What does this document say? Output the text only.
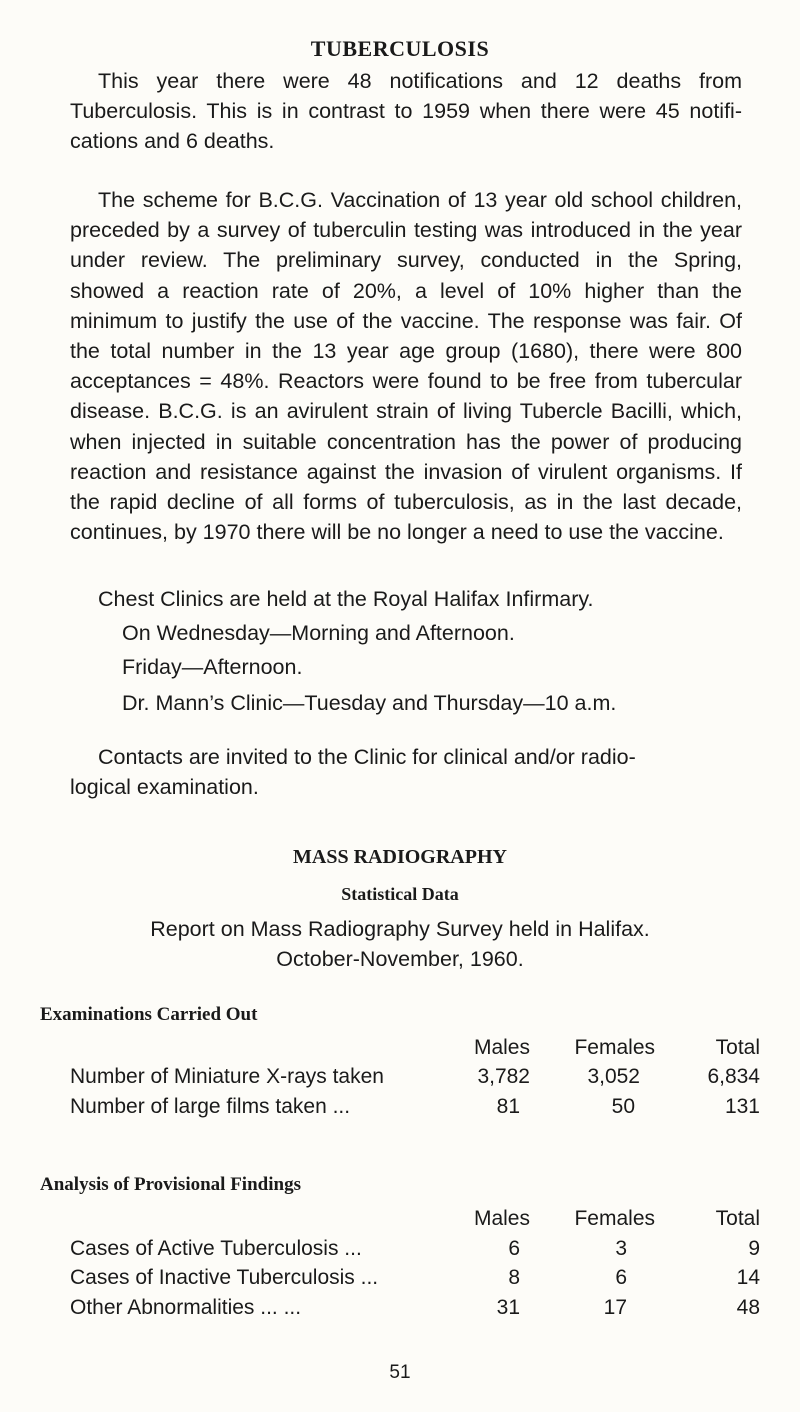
TUBERCULOSIS

This year there were 48 notifications and 12 deaths from Tuberculosis. This is in contrast to 1959 when there were 45 notifi- cations and 6 deaths.

The scheme for B.C.G. Vaccination of 13 year old school children, preceded by a survey of tuberculin testing was introduced in the year under review. The preliminary survey, conducted in the Spring, showed a reaction rate of 20%, a level of 10% higher than the minimum to justify the use of the vaccine. The response was fair. Of the total number in the 13 year age group (1680), there were 800 acceptances = 48%. Reactors were found to be free from tubercular disease. B.C.G. is an avirulent strain of living Tubercle Bacilli, which, when injected in suitable concentration has the power of producing reaction and resistance against the invasion of virulent organisms. If the rapid decline of all forms of tuberculosis, as in the last decade, continues, by 1970 there will be no longer a need to use the vaccine.

Chest Clinics are held at the Royal Halifax Infirmary.
On Wednesday—Morning and Afternoon.
Friday—Afternoon.
Dr. Mann’s Clinic—Tuesday and Thursday—10 a.m.
Contacts are invited to the Clinic for clinical and/or radio-
logical examination.
MASS RADIOGRAPHY
Statistical Data
Report on Mass Radiography Survey held in Halifax.
October-November, 1960.
Examinations Carried Out
Males	Females	Total
Number of Miniature X-rays taken	3,782	3,052	6,834
Number of large films taken ...	81	50	131
Analysis of Provisional Findings
Males	Females	Total
Cases of Active Tuberculosis ...	6	3	9
Cases of Inactive Tuberculosis ...	8	6	14
Other Abnormalities ... ...	31	17	48
51
